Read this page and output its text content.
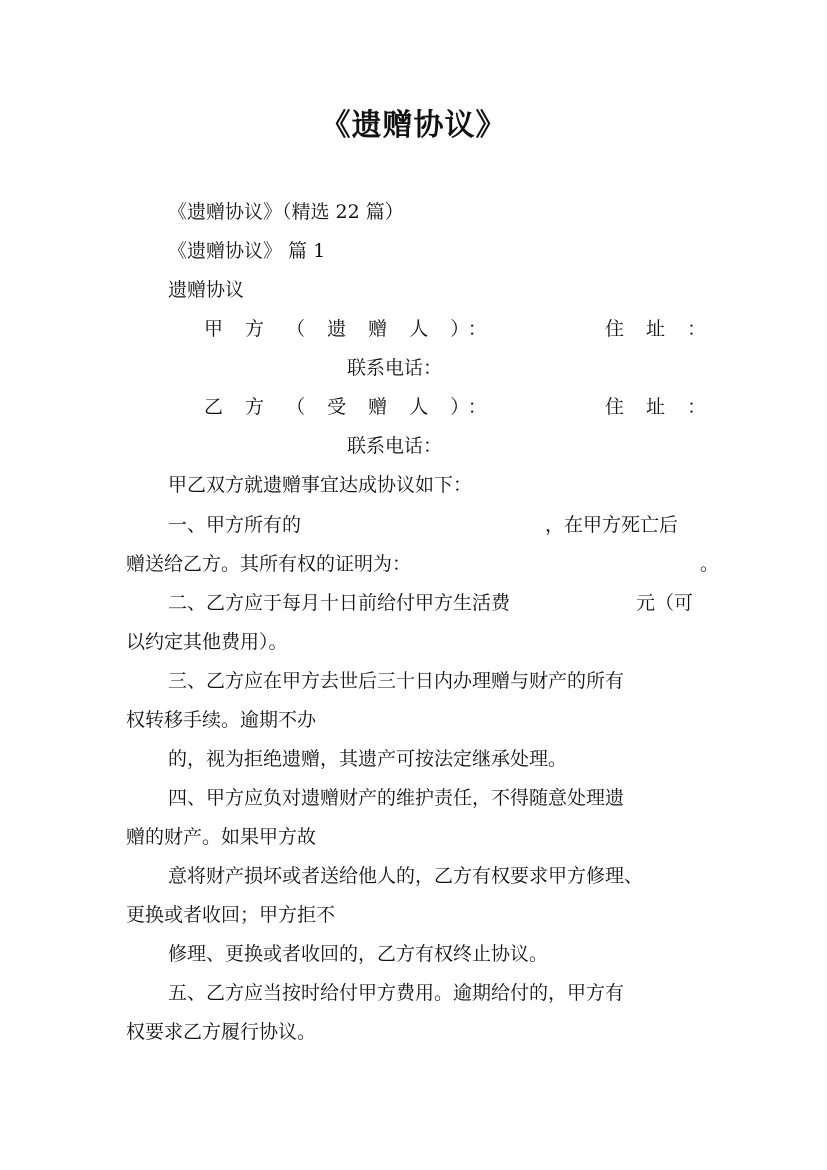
《遗赠协议》
《遗赠协议》（精选 22 篇）
《遗赠协议》 篇 1
遗赠协议
甲 方 （ 遗 赠 人 ）：	住 址 ：
联系电话：
乙 方 （ 受 赠 人 ）：	住 址 ：
联系电话：
甲乙双方就遗赠事宜达成协议如下：
一、甲方所有的	，在甲方死亡后
赠送给乙方。其所有权的证明为：	。
二、乙方应于每月十日前给付甲方生活费	元（可
以约定其他费用）。
三、乙方应在甲方去世后三十日内办理赠与财产的所有
权转移手续。逾期不办
的，视为拒绝遗赠，其遗产可按法定继承处理。
四、甲方应负对遗赠财产的维护责任，不得随意处理遗
赠的财产。如果甲方故
意将财产损坏或者送给他人的，乙方有权要求甲方修理、
更换或者收回；甲方拒不
修理、更换或者收回的，乙方有权终止协议。
五、乙方应当按时给付甲方费用。逾期给付的，甲方有
权要求乙方履行协议。
